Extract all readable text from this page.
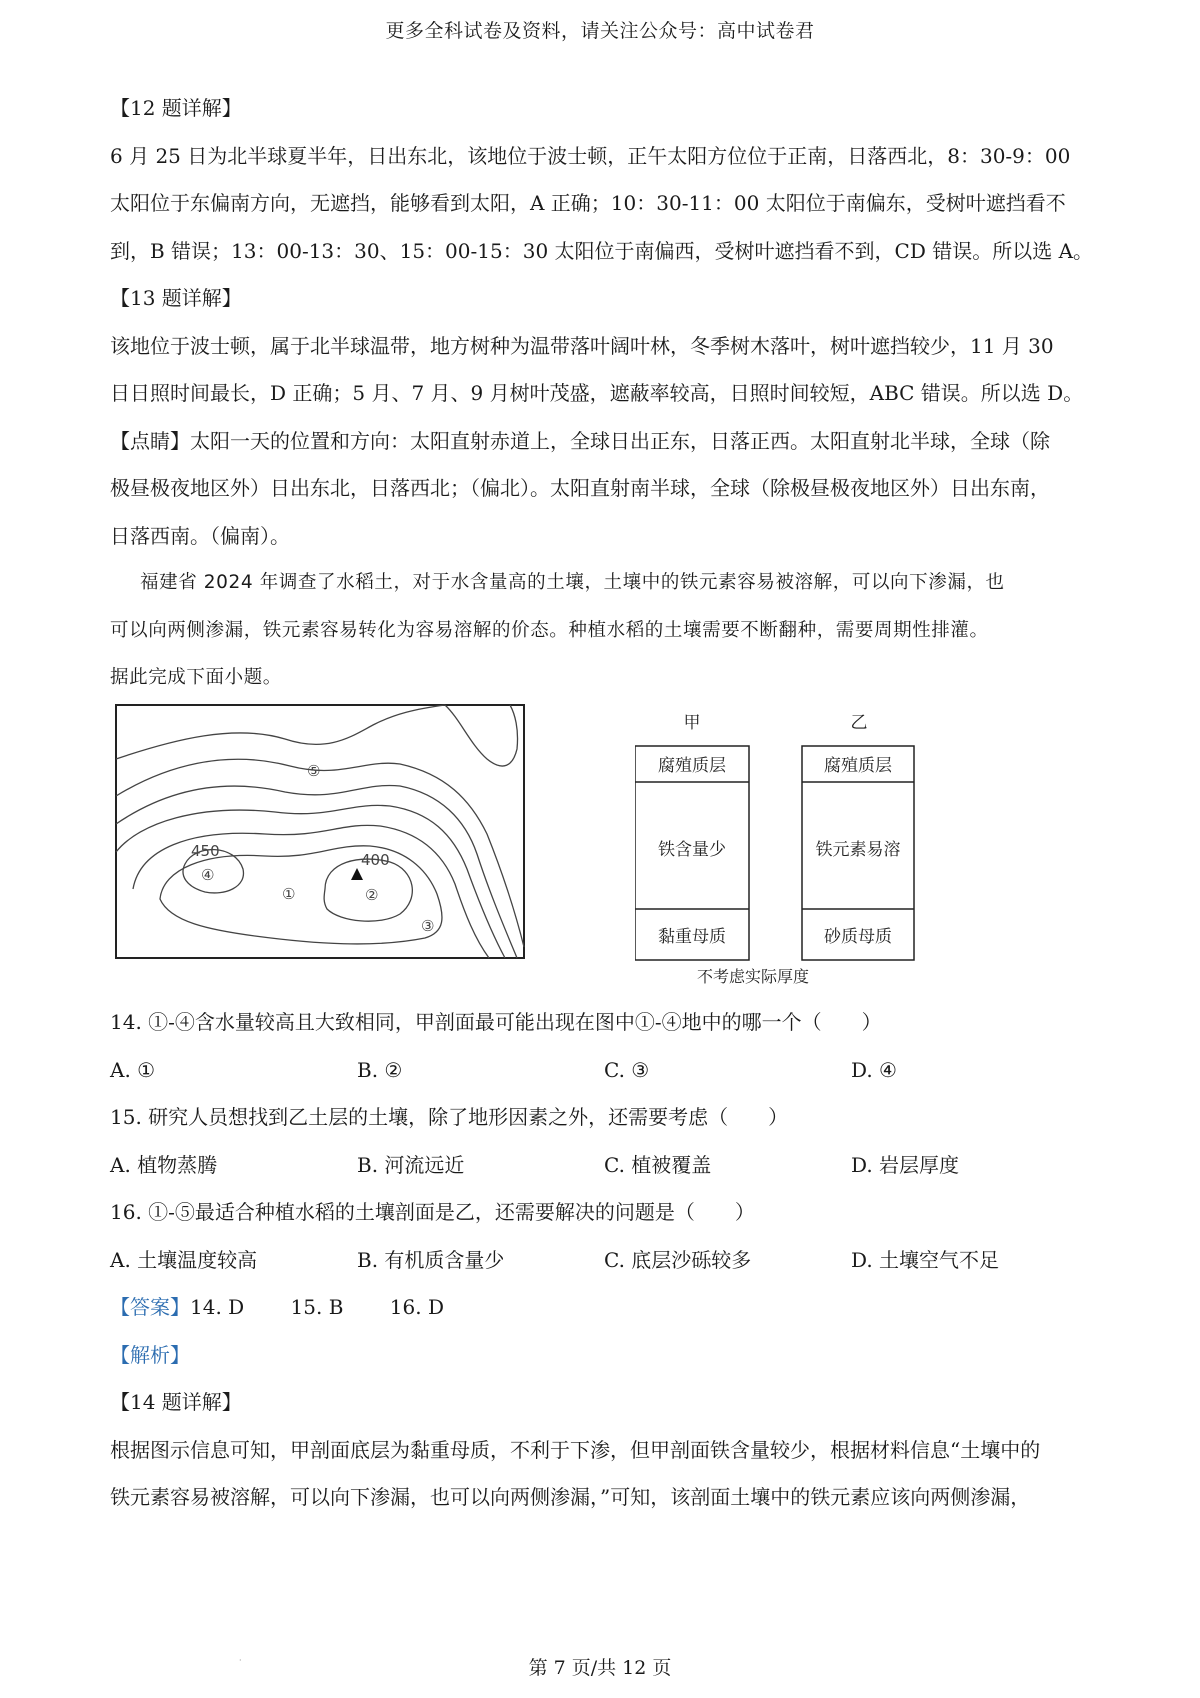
更多全科试卷及资料，请关注公众号：高中试卷君
【12 题详解】
6 月 25 日为北半球夏半年，日出东北，该地位于波士顿，正午太阳方位位于正南，日落西北，8：30-9：00
太阳位于东偏南方向，无遮挡，能够看到太阳，A 正确；10：30-11：00 太阳位于南偏东，受树叶遮挡看不
到，B 错误；13：00-13：30、15：00-15：30 太阳位于南偏西，受树叶遮挡看不到，CD 错误。所以选 A。
【13 题详解】
该地位于波士顿，属于北半球温带，地方树种为温带落叶阔叶林，冬季树木落叶，树叶遮挡较少，11 月 30
日日照时间最长，D 正确；5 月、7 月、9 月树叶茂盛，遮蔽率较高，日照时间较短，ABC 错误。所以选 D。
【点睛】太阳一天的位置和方向：太阳直射赤道上，全球日出正东，日落正西。太阳直射北半球，全球（除
极昼极夜地区外）日出东北，日落西北；（偏北）。太阳直射南半球，全球（除极昼极夜地区外）日出东南，
日落西南。（偏南）。
福建省 2024 年调查了水稻土，对于水含量高的土壤，土壤中的铁元素容易被溶解，可以向下渗漏，也
可以向两侧渗漏，铁元素容易转化为容易溶解的价态。种植水稻的土壤需要不断翻种，需要周期性排灌。
据此完成下面小题。
450	400
①	②
③
④
⑤
甲
腐殖质层
铁含量少
黏重母质
乙
腐殖质层
铁元素易溶
砂质母质
不考虑实际厚度
14. ①-④含水量较高且大致相同，甲剖面最可能出现在图中①-④地中的哪一个（　　）
A. ①	B. ②	C. ③	D. ④
15. 研究人员想找到乙土层的土壤，除了地形因素之外，还需要考虑（　　）
A. 植物蒸腾	B. 河流远近	C. 植被覆盖	D. 岩层厚度
16. ①-⑤最适合种植水稻的土壤剖面是乙，还需要解决的问题是（　　）
A. 土壤温度较高	B. 有机质含量少	C. 底层沙砾较多	D. 土壤空气不足
【答案】14. D　　 15. B　　 16. D
【解析】
【14 题详解】
根据图示信息可知，甲剖面底层为黏重母质，不利于下渗，但甲剖面铁含量较少，根据材料信息“土壤中的
铁元素容易被溶解，可以向下渗漏，也可以向两侧渗漏，”可知，该剖面土壤中的铁元素应该向两侧渗漏，
·	第 7 页/共 12 页
